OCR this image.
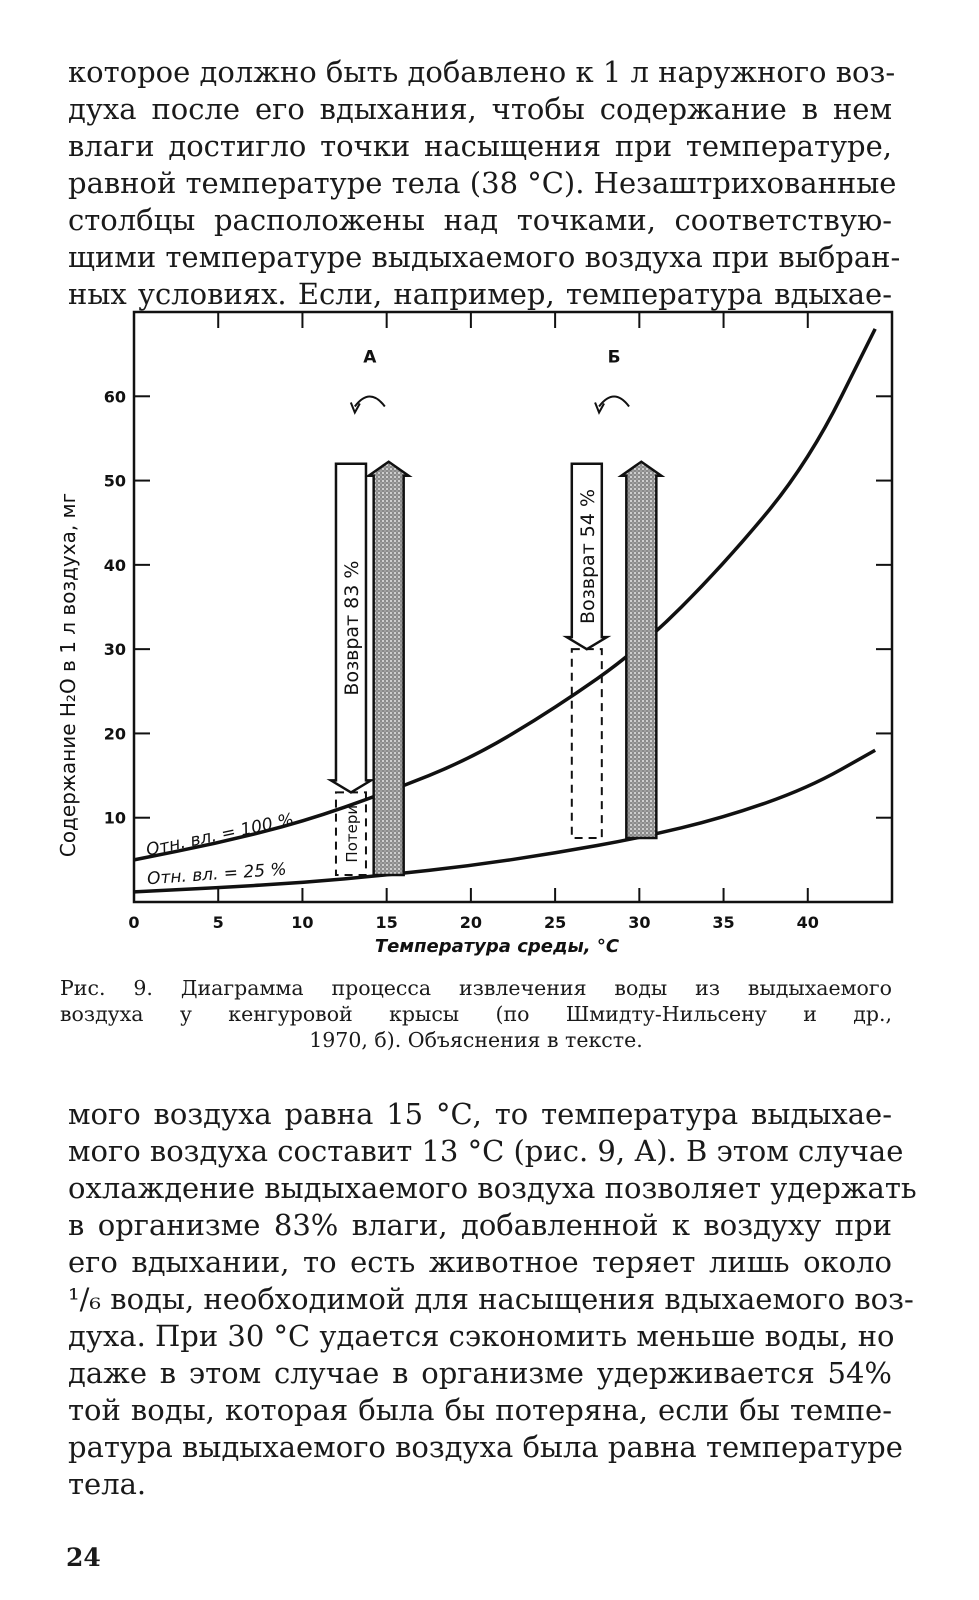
которое должно быть добавлено к 1 л наружного воз-
духа после его вдыхания, чтобы содержание в нем
влаги достигло точки насыщения при температуре,
равной температуре тела (38 °С). Незаштрихованные
столбцы расположены над точками, соответствую-
щими температуре выдыхаемого воздуха при выбран-
ных условиях. Если, например, температура вдыхае-
10
20
30
40
50
60
0	5	10	15	20	25	30	35	40
Содержание H₂O в 1 л воздуха, мг
Температура среды, °С
Возврат 83 %
Потери
А
Возврат 54 %
Б
Отн. вл. = 100 %
Отн. вл. = 25 %
Рис. 9. Диаграмма процесса извлечения воды из выдыхаемого
воздуха у кенгуровой крысы (по Шмидту-Нильсену и др.,
1970, б). Объяснения в тексте.
мого воздуха равна 15 °С, то температура выдыхае-
мого воздуха составит 13 °С (рис. 9, А). В этом случае
охлаждение выдыхаемого воздуха позволяет удержать
в организме 83% влаги, добавленной к воздуху при
его вдыхании, то есть животное теряет лишь около
¹/₆ воды, необходимой для насыщения вдыхаемого воз-
духа. При 30 °С удается сэкономить меньше воды, но
даже в этом случае в организме удерживается 54%
той воды, которая была бы потеряна, если бы темпе-
ратура выдыхаемого воздуха была равна температуре
тела.
24
